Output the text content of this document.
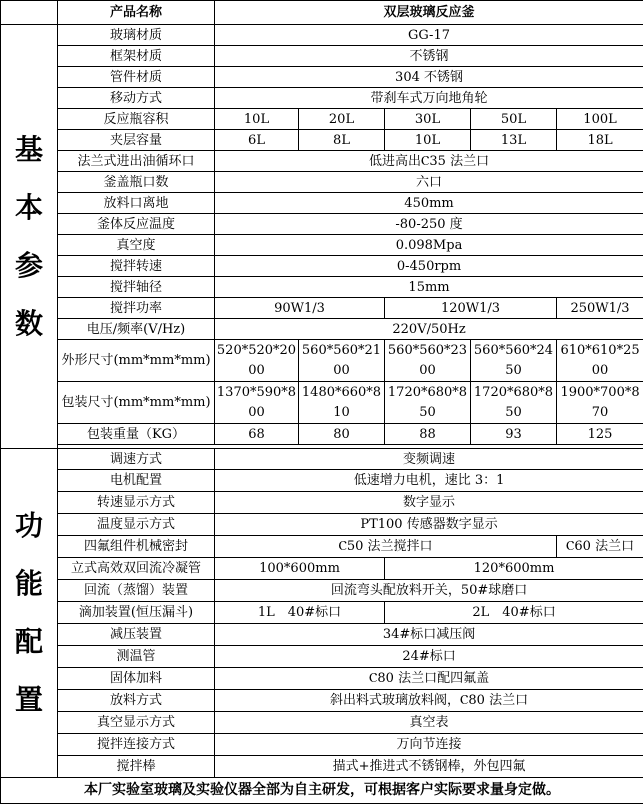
	产品名称	双层玻璃反应釜				

基
本
参
数	玻璃材质	GG-17				
	框架材质	不锈钢				
	管件材质	304 不锈钢				
	移动方式	带刹车式万向地角轮				
	反应瓶容积	10L	20L	30L	50L	100L
	夹层容量	6L	8L	10L	13L	18L
	法兰式进出油循环口	低进高出Ⲥ35 法兰口				
	釜盖瓶口数	六口				
	放料口离地	450mm				
	釜体反应温度	-80-250 度				
	真空度	0.098Mpa				
	搅拌转速	0-450rpm				
	搅拌轴径	15mm				
	搅拌功率	90W1/3		120W1/3		250W1/3
	电压/频率(V/Hz)	220V/50Hz				
	外形尺寸(mm*mm*mm)	520*520*2000	560*560*2100	560*560*2300	560*560*2450	610*610*2500
	包装尺寸(mm*mm*mm)	1370*590*800	1480*660*810	1720*680*850	1720*680*850	1900*700*870
	包装重量（KG）	68	80	88	93	125

功
能
配
置	调速方式	变频调速				
	电机配置	低速增力电机，速比 3：1				
	转速显示方式	数字显示				
	温度显示方式	PT100 传感器数字显示				
	四氟组件机械密封	Ⲥ50 法兰搅拌口				Ⲥ60 法兰口
	立式高效双回流冷凝管	100*600mm		120*600mm		
	回流（蒸馏）装置	回流弯头配放料开关，50#球磨口				
	滴加装置(恒压漏斗)	1L　40#标口		2L　40#标口		
	减压装置	34#标口减压阀				
	测温管	24#标口				
	固体加料	Ⲥ80 法兰口配四氟盖				
	放料方式	斜出料式玻璃放料阀，Ⲥ80 法兰口				
	真空显示方式	真空表				
	搅拌连接方式	万向节连接				
	搅拌棒	描式+推进式不锈钢棒，外包四氟				
本厂实验室玻璃及实验仪器全部为自主研发，可根据客户实际要求量身定做。						
